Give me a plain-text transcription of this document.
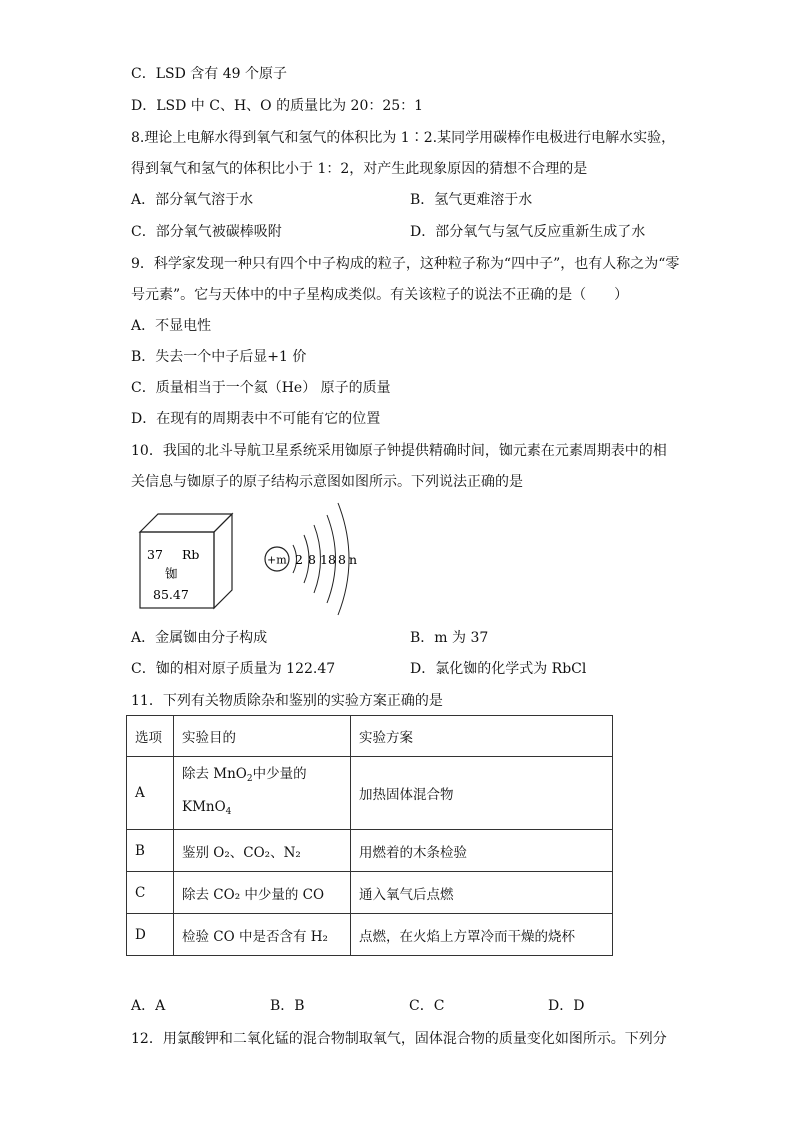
C．LSD 含有 49 个原子
D．LSD 中 C、H、O 的质量比为 20：25：1
8.理论上电解水得到氧气和氢气的体积比为 1∶2.某同学用碳棒作电极进行电解水实验，
得到氧气和氢气的体积比小于 1：2，对产生此现象原因的猜想不合理的是
A．部分氧气溶于水	B．氢气更难溶于水
C．部分氧气被碳棒吸附	D．部分氧气与氢气反应重新生成了水
9．科学家发现一种只有四个中子构成的粒子，这种粒子称为“四中子”，也有人称之为“零
号元素”。它与天体中的中子星构成类似。有关该粒子的说法不正确的是（　　）
A．不显电性
B．失去一个中子后显+1 价
C．质量相当于一个氦（He） 原子的质量
D．在现有的周期表中不可能有它的位置
10．我国的北斗导航卫星系统采用铷原子钟提供精确时间，铷元素在元素周期表中的相
关信息与铷原子的原子结构示意图如图所示。下列说法正确的是
37 Rb
铷
85.47
+m 2 8 18 8 n
A．金属铷由分子构成	B．m 为 37
C．铷的相对原子质量为 122.47	D．氯化铷的化学式为 RbCl
11．下列有关物质除杂和鉴别的实验方案正确的是
选项	实验目的	实验方案
A	除去 MnO$_2$中少量的
KMnO$_4$	加热固体混合物
B	鉴别 O₂、CO₂、N₂	用燃着的木条检验
C	除去 CO₂ 中少量的 CO	通入氧气后点燃
D	检验 CO 中是否含有 H₂	点燃，在火焰上方罩冷而干燥的烧杯
A．A	B．B	C．C	D．D
12．用氯酸钾和二氧化锰的混合物制取氧气，固体混合物的质量变化如图所示。下列分
